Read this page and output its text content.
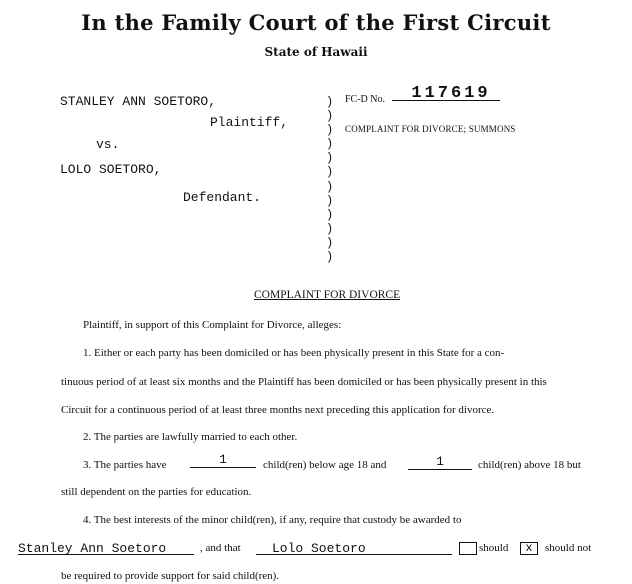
In the Family Court of the First Circuit
State of Hawaii
STANLEY ANN SOETORO,
Plaintiff,
vs.
LOLO SOETORO,
Defendant.
)
)
)
)
)
)
)
)
)
)
)
)
FC-D No.	117619
COMPLAINT FOR DIVORCE; SUMMONS
COMPLAINT FOR DIVORCE
Plaintiff, in support of this Complaint for Divorce, alleges:
1. Either or each party has been domiciled or has been physically present in this State for a con-
tinuous period of at least six months and the Plaintiff has been domiciled or has been physically present in this
Circuit for a continuous period of at least three months next preceding this application for divorce.
2. The parties are lawfully married to each other.
3. The parties have	1	child(ren) below age 18 and	1	child(ren) above 18 but
still dependent on the parties for education.
4. The best interests of the minor child(ren), if any, require that custody be awarded to
Stanley Ann Soetoro	, and that Lolo Soetoro	should	x	should not
be required to provide support for said child(ren).
